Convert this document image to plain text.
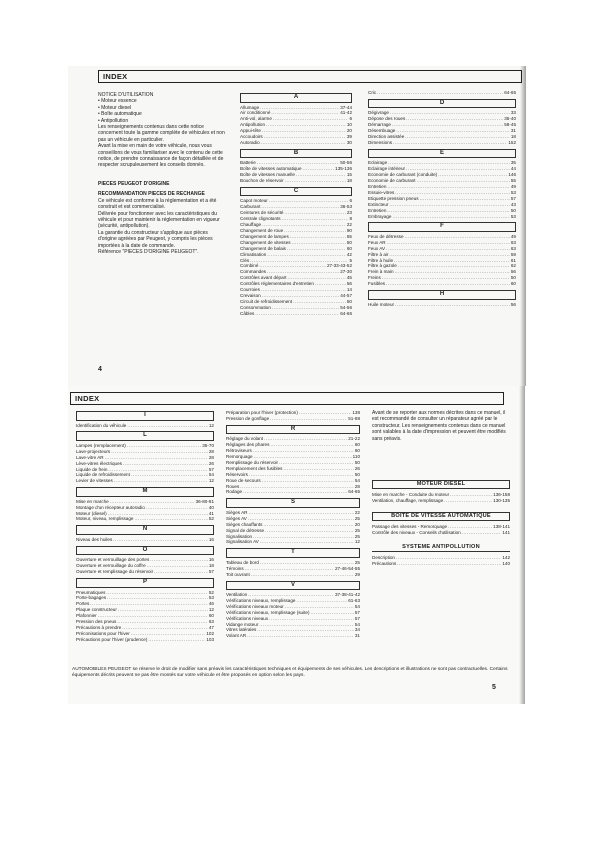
INDEX
NOTICE D'UTILISATION
• Moteur essence
• Moteur diesel
• Boîte automatique
• Antipollution
Les renseignements contenus dans cette notice concernent toute la gamme complète de véhicules et non pas un véhicule en particulier.
Avant la mise en main de votre véhicule, nous vous conseillons de vous familiariser avec le contenu de cette notice, de prendre connaissance de façon détaillée et de respecter scrupuleusement les conseils donnés.
PIECES PEUGEOT D'ORIGINE
RECOMMANDATION PIECES DE RECHANGE
Ce véhicule est conforme à la réglementation et a été construit et est commercialisé.
Délivrée pour fonctionner avec les caractéristiques du véhicule et pour maintenir la réglementation en vigueur (sécurité, antipollution).
La garantie du constructeur s'applique aux pièces d'origine agréées par Peugeot, y compris les pièces importées à la date de commande.
Référence "PIECES D'ORIGINE PEUGEOT".
A
Allumage .....	37-44
Air conditionné .....	41-42
Anti-vol, alarme .....	6
Antipollution .....	10
Appui-tête .....	20
Accoudoirs .....	39
Autoradio .....	30
B
Batterie .....	50-56
Boîte de vitesses automatique .....	135-136
Boîte de vitesses manuelle .....	15
Bouchon de réservoir .....	18
C
Capot moteur .....	6
Carburant .....	36-53
Ceintures de sécurité .....	23
Centrale clignotants .....	8
Chauffage .....	22
Changement de roue .....	90
Changement de lampes .....	65
Changement de vitesses .....	50
Changement de balais .....	60
Climatisation .....	42
Clés .....	5
Combiné .....	27-33-43-52
Commandes .....	27-30
Contrôles avant départ .....	45
Contrôles réglementaires d'entretien .....	56
Courroies .....	14
Crevaison .....	44-57
Circuit de refroidissement .....	50
Consommation .....	54-56
Câbles .....	64-66
Cric .....	64-65
D
Dégivrage .....	33
Dépose des roues .....	35-40
Démarrage .....	58-45
Désembuage .....	31
Direction assistée .....	18
Dimensions .....	152
E
Eclairage .....	35
Eclairage intérieur .....	44
Economie de carburant (conduite) .....	146
Economie de carburant .....	55
Entretien .....	49
Essuie-vitres .....	53
Etiquette pression pneus .....	57
Extincteur .....	43
Entretien .....	50
Embrayage .....	53
F
Feux de détresse .....	49
Feux AR .....	63
Feux AV .....	63
Filtre à air .....	59
Filtre à huile .....	61
Filtre à gazole .....	62
Frein à main .....	56
Freins .....	50
Fusibles .....	60
H
Huile moteur .....	56
4
INDEX
I
Identification du véhicule .....	12
L
Lampes (remplacement) .....	35-70
Lave-projecteurs .....	28
Lave-vitre AR .....	28
Lève-vitres électriques .....	26
Liquide de frein .....	57
Liquide de refroidissement .....	54
Levier de vitesses .....	12
M
Mise en marche .....	36-80-81
Montage d'un récepteur autoradio .....	40
Moteur (diesel) .....	41
Moteur, niveau, remplissage .....	52
N
Niveau des huiles .....	16
O
Ouverture et verrouillage des portes .....	16
Ouverture et verrouillage du coffre .....	18
Ouverture et remplissage du réservoir .....	57
P
Pneumatiques .....	52
Porte-bagages .....	53
Portes .....	46
Plaque constructeur .....	12
Plafonnier .....	60
Pression des pneus .....	63
Précautions à prendre .....	47
Préconisations pour l'hiver .....	102
Précautions pour l'hiver (prudence) .....	103
Préparation pour l'hiver (protection) .....	138
Pression de gonflage .....	51-88
R
Réglage du volant .....	21-22
Réglages des phares .....	60
Rétroviseurs .....	60
Remorquage .....	110
Remplissage du réservoir .....	50
Remplacement des fusibles .....	26
Réservoirs .....	50
Roue de secours .....	54
Roues .....	28
Rodage .....	64-65
S
Sièges AR .....	22
Sièges AV .....	25
Sièges chauffants .....	20
Signal de détresse .....	25
Signalisation .....	25
Signalisation AV .....	12
T
Tableau de bord .....	25
Témoins .....	27-46-54-55
Toit ouvrant .....	29
V
Ventilation .....	37-38-41-42
Vérifications niveaux, remplissage .....	61-63
Vérifications niveaux moteur .....	54
Vérifications niveaux, remplissage (suite) .....	57
Vérifications niveaux .....	57
Vidange moteur .....	54
Vitres latérales .....	34
Volant AR .....	31
Avant de se reporter aux normes décrites dans ce manuel, il est recommandé de consulter un réparateur agréé par le constructeur. Les renseignements contenus dans ce manuel sont valables à la date d'impression et peuvent être modifiés sans préavis.
MOTEUR DIESEL
Mise en marche - Conduite du moteur .....	136-158
Ventilation, chauffage, remplissage .....	130-135
BOITE DE VITESSE AUTOMATIQUE
Passage des vitesses - Remorquage .....	138-141
Contrôle des niveaux - Conseils d'utilisation .....	141
SYSTEME ANTIPOLLUTION
Description .....	142
Précautions .....	140
AUTOMOBILES PEUGEOT se réserve le droit de modifier sans préavis les caractéristiques techniques et équipements de ses véhicules. Les descriptions et illustrations ne sont pas contractuelles. Certains équipements décrits peuvent ne pas être montés sur votre véhicule et être proposés en option selon les pays.
5
